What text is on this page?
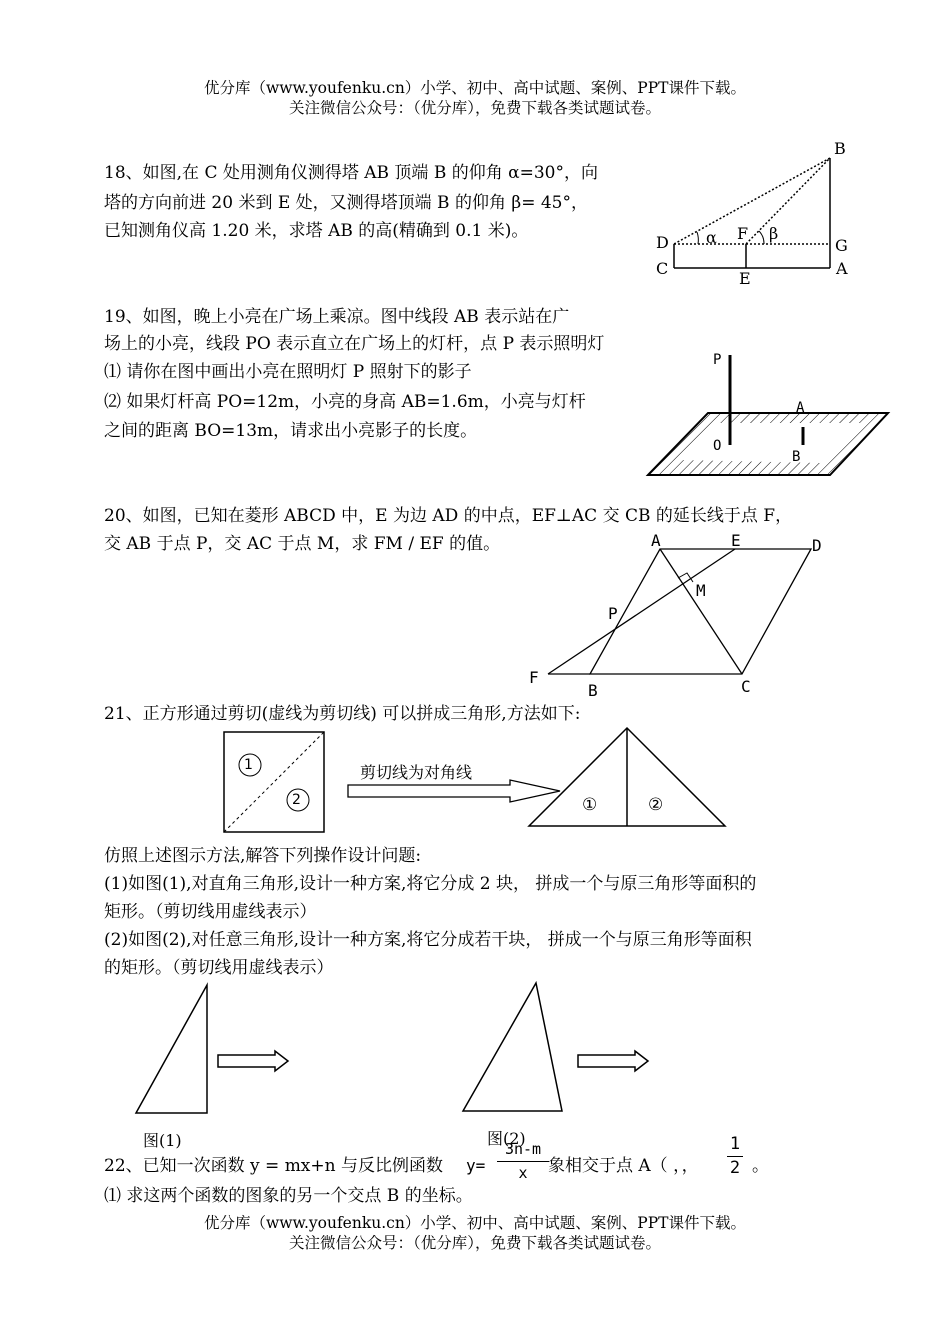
优分库（www.youfenku.cn）小学、初中、高中试题、案例、PPT课件下载。
关注微信公众号：（优分库），免费下载各类试题试卷。
18、如图,在 C 处用测角仪测得塔 AB 顶端 B 的仰角 α=30°，向
塔的方向前进 20 米到 E 处，又测得塔顶端 B 的仰角 β= 45°，
已知测角仪高 1.20 米，求塔 AB 的高(精确到 0.1 米)。
B
D α F β
G
C	A
E
19、如图，晚上小亮在广场上乘凉。图中线段 AB 表示站在广
场上的小亮，线段 PO 表示直立在广场上的灯杆，点 P 表示照明灯
⑴ 请你在图中画出小亮在照明灯 P 照射下的影子
⑵ 如果灯杆高 PO=12m，小亮的身高 AB=1.6m，小亮与灯杆
之间的距离 BO=13m，请求出小亮影子的长度。
P
A
O
B
20、如图，已知在菱形 ABCD 中，E 为边 AD 的中点，EF⊥AC 交 CB 的延长线于点 F，
交 AB 于点 P，交 AC 于点 M，求 FM / EF 的值。	A	E	D
M
P
F
B	C
21、正方形通过剪切(虚线为剪切线) 可以拼成三角形,方法如下:
1
2
剪切线为对角线
①	②
仿照上述图示方法,解答下列操作设计问题:
(1)如图(1),对直角三角形,设计一种方案,将它分成 2 块， 拼成一个与原三角形等面积的
矩形。（剪切线用虚线表示）
(2)如图(2),对任意三角形,设计一种方案,将它分成若干块， 拼成一个与原三角形等面积
的矩形。（剪切线用虚线表示）
图(1)	图(2)
22、已知一次函数 y = mx+n 与反比例函数 y=
3n-m
x	象相交于点 A（ ，，
1
2 。
⑴ 求这两个函数的图象的另一个交点 B 的坐标。
优分库（www.youfenku.cn）小学、初中、高中试题、案例、PPT课件下载。
关注微信公众号：（优分库），免费下载各类试题试卷。
